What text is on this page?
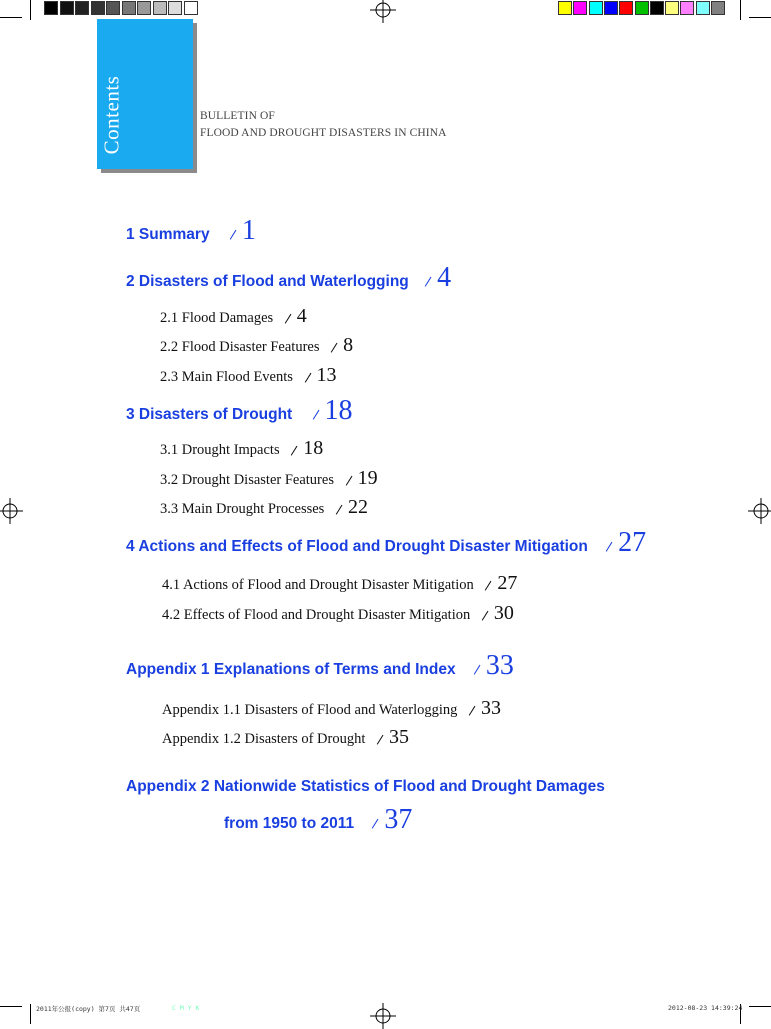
Contents	BULLETIN OF
FLOOD AND DROUGHT DISASTERS IN CHINA
1 Summary 1
2 Disasters of Flood and Waterlogging 4
2.1 Flood Damages 4
2.2 Flood Disaster Features 8
2.3 Main Flood Events 13
3 Disasters of Drought 18
3.1 Drought Impacts 18
3.2 Drought Disaster Features 19
3.3 Main Drought Processes 22
4 Actions and Effects of Flood and Drought Disaster Mitigation 27
4.1 Actions of Flood and Drought Disaster Mitigation 27
4.2 Effects of Flood and Drought Disaster Mitigation 30
Appendix 1 Explanations of Terms and Index 33
Appendix 1.1 Disasters of Flood and Waterlogging 33
Appendix 1.2 Disasters of Drought 35
Appendix 2 Nationwide Statistics of Flood and Drought Damages
from 1950 to 2011 37
2011年公报(copy) 第7页 共47页	C M Y K	2012-08-23 14:39:24
